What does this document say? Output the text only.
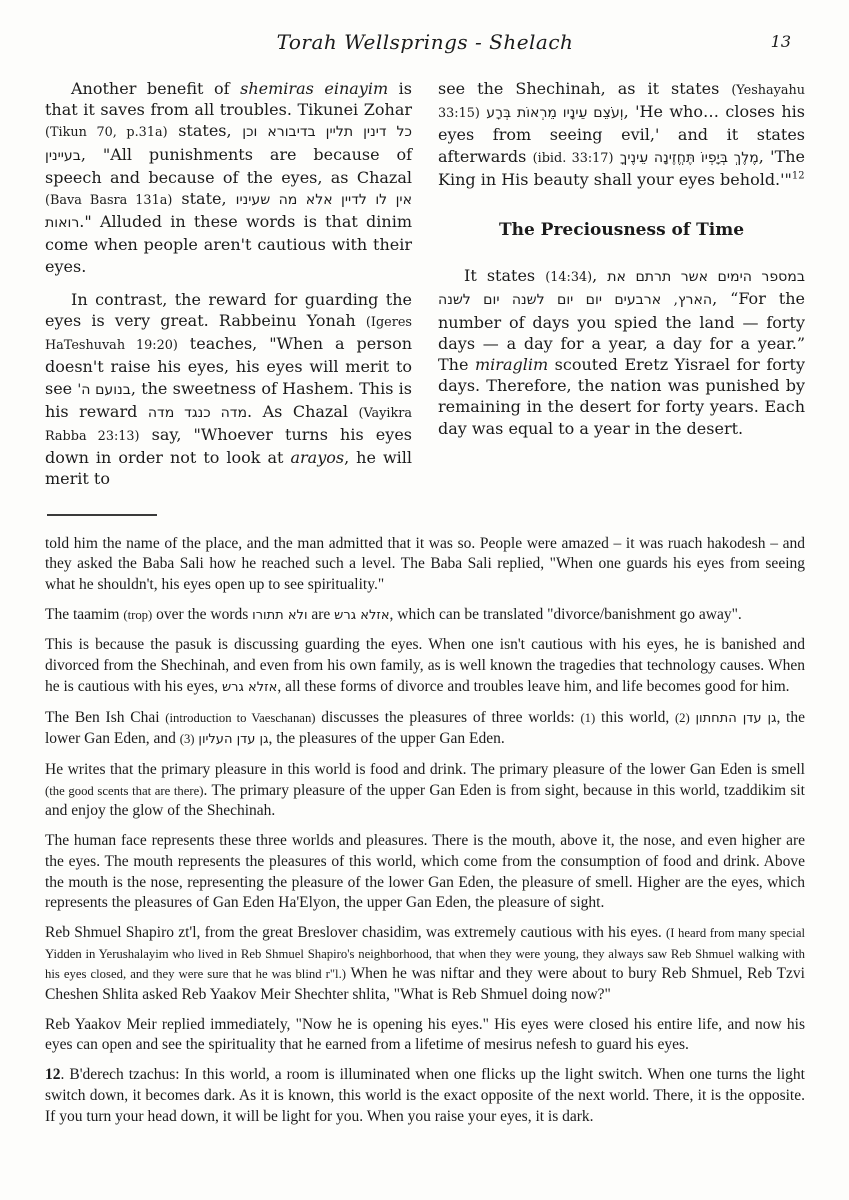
Torah Wellsprings - Shelach	13

Another benefit of shemiras einayim is that it saves from all troubles. Tikunei Zohar (Tikun 70, p.31a) states, כל דינין תליין בדיבורא וכן בעיינין, "All punishments are because of speech and because of the eyes, as Chazal (Bava Basra 131a) state, אין לו לדיין אלא מה שעיניו רואות." Alluded in these words is that dinim come when people aren't cautious with their eyes.

In contrast, the reward for guarding the eyes is very great. Rabbeinu Yonah (Igeres HaTeshuvah 19:20) teaches, "When a person doesn't raise his eyes, his eyes will merit to see בנועם ה', the sweetness of Hashem. This is his reward מדה כנגד מדה. As Chazal (Vayikra Rabba 23:13) say, "Whoever turns his eyes down in order not to look at arayos, he will merit to

see the Shechinah, as it states (Yeshayahu 33:15) וְעֹצֵם עֵינָיו מֵרְאוֹת בְּרָע, 'He who… closes his eyes from seeing evil,' and it states afterwards (ibid. 33:17) מֶלֶךְ בְּיָפְיוֹ תֶּחֱזֶינָה עֵינֶיךָ, 'The King in His beauty shall your eyes behold.'"$^{12}$

The Preciousness of Time

It states (14:34), במספר הימים אשר תרתם את הארץ, ארבעים יום יום לשנה יום לשנה, “For the number of days you spied the land — forty days — a day for a year, a day for a year.” The miraglim scouted Eretz Yisrael for forty days. Therefore, the nation was punished by remaining in the desert for forty years. Each day was equal to a year in the desert.

told him the name of the place, and the man admitted that it was so. People were amazed – it was ruach hakodesh – and they asked the Baba Sali how he reached such a level. The Baba Sali replied, "When one guards his eyes from seeing what he shouldn't, his eyes open up to see spirituality."

The taamim (trop) over the words ולא תתורו are אזלא גרש, which can be translated "divorce/banishment go away".

This is because the pasuk is discussing guarding the eyes. When one isn't cautious with his eyes, he is banished and divorced from the Shechinah, and even from his own family, as is well known the tragedies that technology causes. When he is cautious with his eyes, אזלא גרש, all these forms of divorce and troubles leave him, and life becomes good for him.

The Ben Ish Chai (introduction to Vaeschanan) discusses the pleasures of three worlds: (1) this world, (2) גן עדן התחתון, the lower Gan Eden, and (3) גן עדן העליון, the pleasures of the upper Gan Eden.

He writes that the primary pleasure in this world is food and drink. The primary pleasure of the lower Gan Eden is smell (the good scents that are there). The primary pleasure of the upper Gan Eden is from sight, because in this world, tzaddikim sit and enjoy the glow of the Shechinah.

The human face represents these three worlds and pleasures. There is the mouth, above it, the nose, and even higher are the eyes. The mouth represents the pleasures of this world, which come from the consumption of food and drink. Above the mouth is the nose, representing the pleasure of the lower Gan Eden, the pleasure of smell. Higher are the eyes, which represents the pleasures of Gan Eden Ha'Elyon, the upper Gan Eden, the pleasure of sight.

Reb Shmuel Shapiro zt'l, from the great Breslover chasidim, was extremely cautious with his eyes. (I heard from many special Yidden in Yerushalayim who lived in Reb Shmuel Shapiro's neighborhood, that when they were young, they always saw Reb Shmuel walking with his eyes closed, and they were sure that he was blind r"l.) When he was niftar and they were about to bury Reb Shmuel, Reb Tzvi Cheshen Shlita asked Reb Yaakov Meir Shechter shlita, "What is Reb Shmuel doing now?"

Reb Yaakov Meir replied immediately, "Now he is opening his eyes." His eyes were closed his entire life, and now his eyes can open and see the spirituality that he earned from a lifetime of mesirus nefesh to guard his eyes.

12. B'derech tzachus: In this world, a room is illuminated when one flicks up the light switch. When one turns the light switch down, it becomes dark. As it is known, this world is the exact opposite of the next world. There, it is the opposite. If you turn your head down, it will be light for you. When you raise your eyes, it is dark.
